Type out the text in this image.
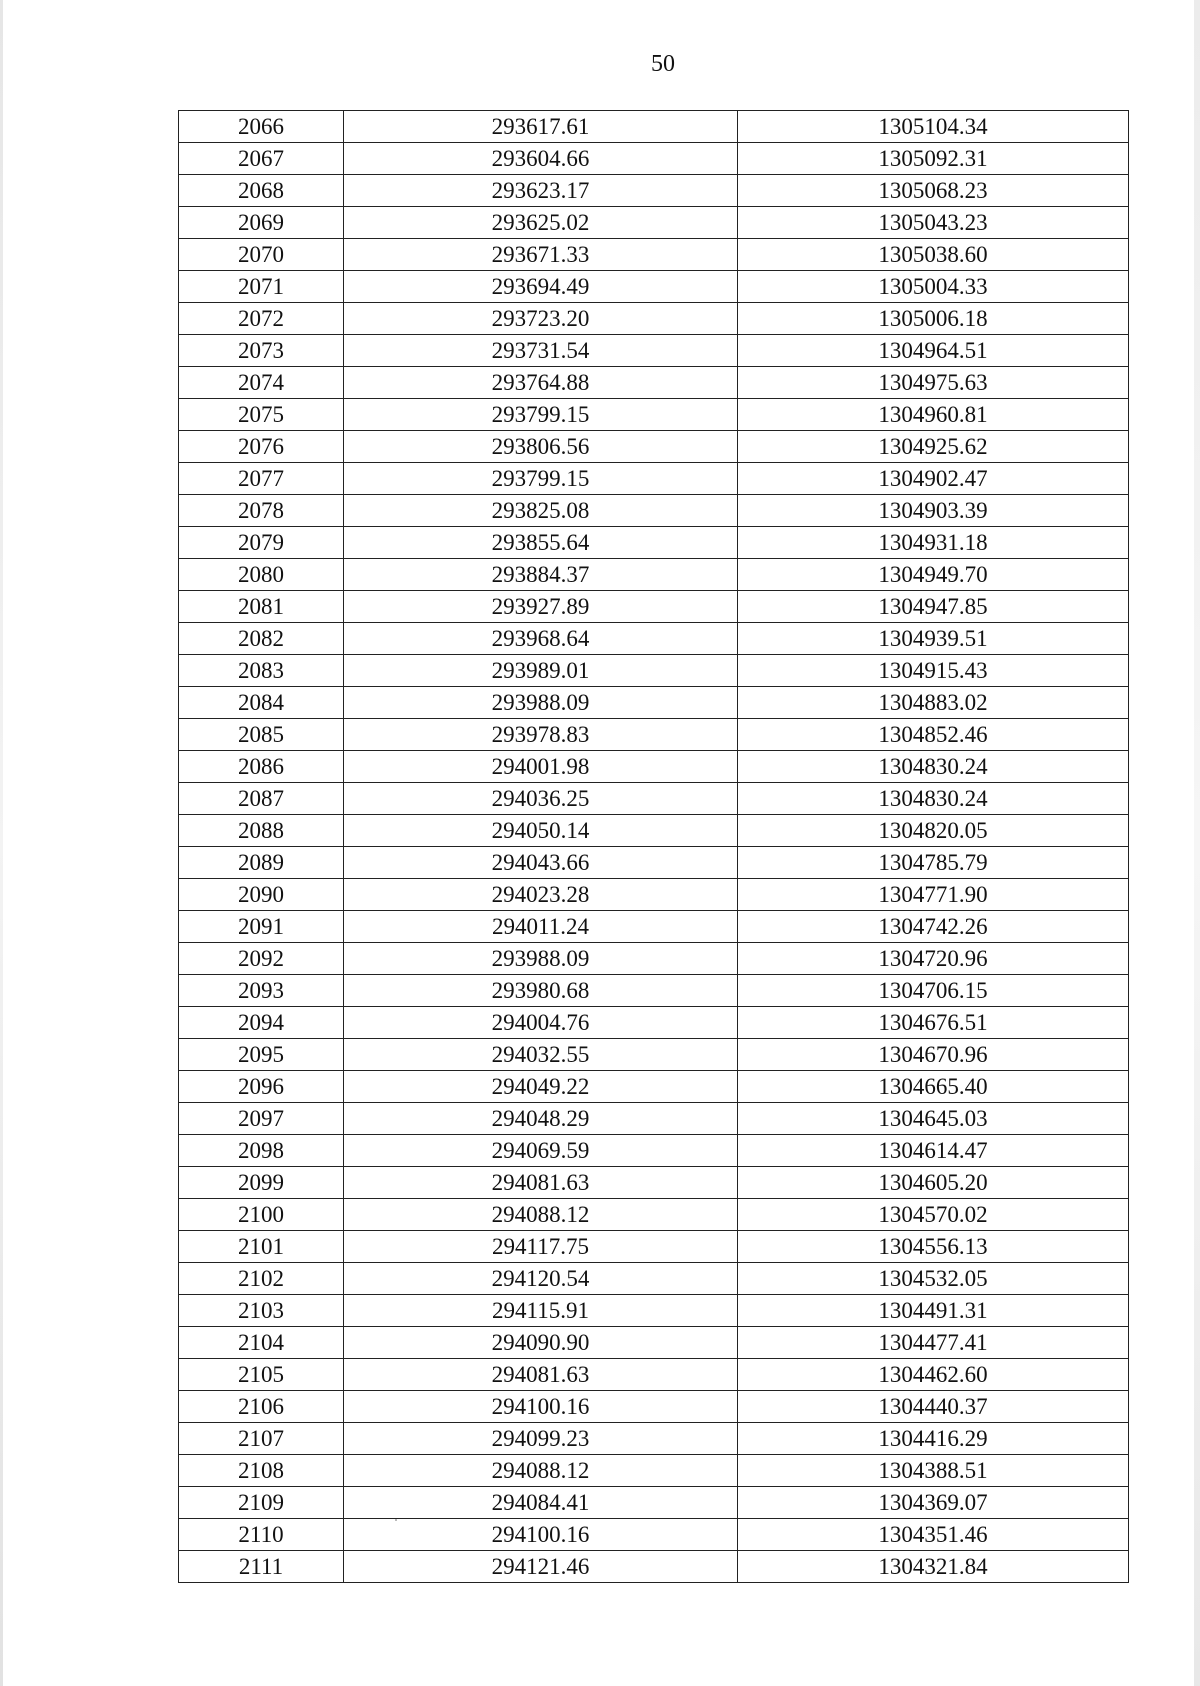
50
2066	293617.61	1305104.34
2067	293604.66	1305092.31
2068	293623.17	1305068.23
2069	293625.02	1305043.23
2070	293671.33	1305038.60
2071	293694.49	1305004.33
2072	293723.20	1305006.18
2073	293731.54	1304964.51
2074	293764.88	1304975.63
2075	293799.15	1304960.81
2076	293806.56	1304925.62
2077	293799.15	1304902.47
2078	293825.08	1304903.39
2079	293855.64	1304931.18
2080	293884.37	1304949.70
2081	293927.89	1304947.85
2082	293968.64	1304939.51
2083	293989.01	1304915.43
2084	293988.09	1304883.02
2085	293978.83	1304852.46
2086	294001.98	1304830.24
2087	294036.25	1304830.24
2088	294050.14	1304820.05
2089	294043.66	1304785.79
2090	294023.28	1304771.90
2091	294011.24	1304742.26
2092	293988.09	1304720.96
2093	293980.68	1304706.15
2094	294004.76	1304676.51
2095	294032.55	1304670.96
2096	294049.22	1304665.40
2097	294048.29	1304645.03
2098	294069.59	1304614.47
2099	294081.63	1304605.20
2100	294088.12	1304570.02
2101	294117.75	1304556.13
2102	294120.54	1304532.05
2103	294115.91	1304491.31
2104	294090.90	1304477.41
2105	294081.63	1304462.60
2106	294100.16	1304440.37
2107	294099.23	1304416.29
2108	294088.12	1304388.51
2109	294084.41	1304369.07
2110	294100.16	1304351.46
2111	294121.46	1304321.84
